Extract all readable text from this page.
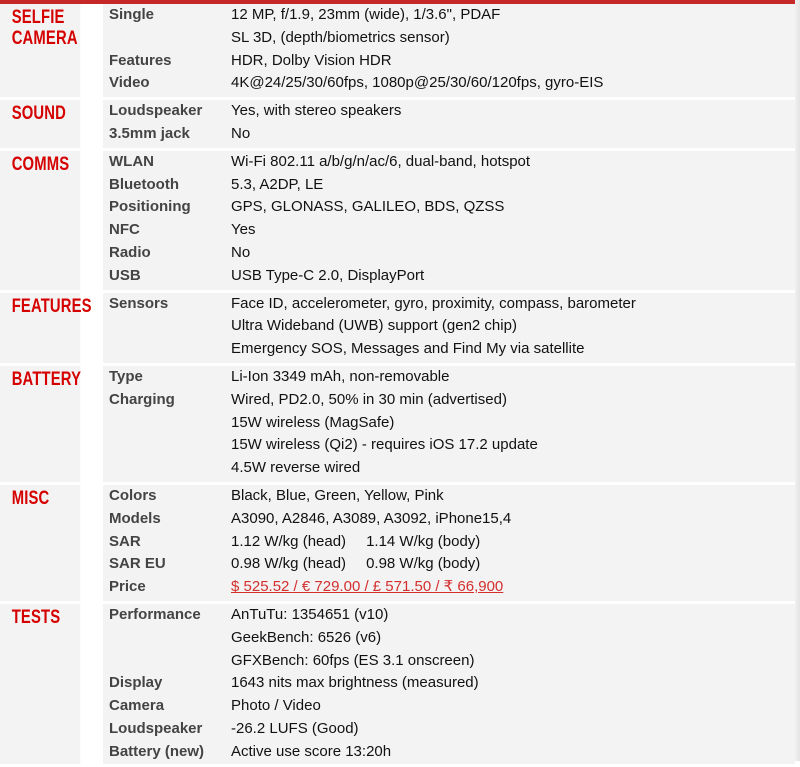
SELFIE
CAMERA	Single	12 MP, f/1.9, 23mm (wide), 1/3.6", PDAF
		SL 3D, (depth/biometrics sensor)
	Features	HDR, Dolby Vision HDR
	Video	4K@24/25/30/60fps, 1080p@25/30/60/120fps, gyro-EIS
SOUND	Loudspeaker	Yes, with stereo speakers
	3.5mm jack	No
COMMS	WLAN	Wi-Fi 802.11 a/b/g/n/ac/6, dual-band, hotspot
	Bluetooth	5.3, A2DP, LE
	Positioning	GPS, GLONASS, GALILEO, BDS, QZSS
	NFC	Yes
	Radio	No
	USB	USB Type-C 2.0, DisplayPort
FEATURES	Sensors	Face ID, accelerometer, gyro, proximity, compass, barometer
		Ultra Wideband (UWB) support (gen2 chip)
		Emergency SOS, Messages and Find My via satellite
BATTERY	Type	Li-Ion 3349 mAh, non-removable
	Charging	Wired, PD2.0, 50% in 30 min (advertised)
		15W wireless (MagSafe)
		15W wireless (Qi2) - requires iOS 17.2 update
		4.5W reverse wired
MISC	Colors	Black, Blue, Green, Yellow, Pink
	Models	A3090, A2846, A3089, A3092, iPhone15,4
	SAR	1.12 W/kg (head) 1.14 W/kg (body)
	SAR EU	0.98 W/kg (head) 0.98 W/kg (body)
	Price	$ 525.52 / € 729.00 / £ 571.50 / ₹ 66,900
TESTS	Performance	AnTuTu: 1354651 (v10)
		GeekBench: 6526 (v6)
		GFXBench: 60fps (ES 3.1 onscreen)
	Display	1643 nits max brightness (measured)
	Camera	Photo / Video
	Loudspeaker	-26.2 LUFS (Good)
	Battery (new)	Active use score 13:20h
